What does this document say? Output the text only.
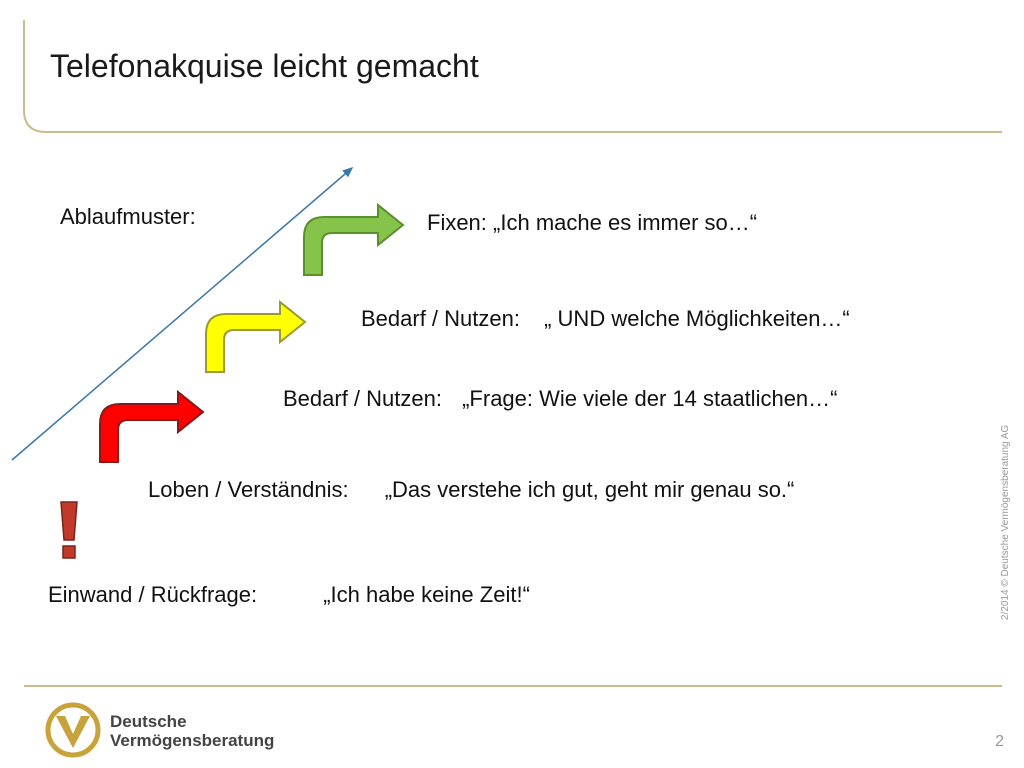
Telefonakquise leicht gemacht
Ablaufmuster:	Fixen: „Ich mache es immer so…“
Bedarf / Nutzen: „ UND welche Möglichkeiten…“
Bedarf / Nutzen: „Frage: Wie viele der 14 staatlichen…“
Loben / Verständnis: „Das verstehe ich gut, geht mir genau so.“
Einwand / Rückfrage:	„Ich habe keine Zeit!“	2/2014 © Deutsche Vermögensberatung AG
Deutsche
Vermögensberatung	2
